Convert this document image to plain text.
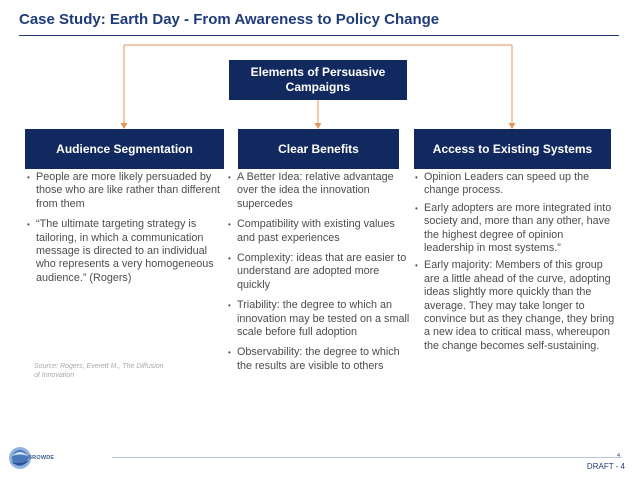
Case Study: Earth Day - From Awareness to Policy Change
Elements of Persuasive Campaigns
Audience Segmentation	Clear Benefits	Access to Existing Systems
• People are more likely persuaded by those who are like rather than different from them
• “The ultimate targeting strategy is tailoring, in which a communication message is directed to an individual who represents a very homogeneous audience.” (Rogers)
• A Better Idea: relative advantage over the idea the innovation supercedes
• Compatibility with existing values and past experiences
• Complexity: ideas that are easier to understand are adopted more quickly
• Triability: the degree to which an innovation may be tested on a small scale before full adoption
• Observability: the degree to which the results are visible to others
• Opinion Leaders can speed up the change process.
• Early adopters are more integrated into society and, more than any other, have the highest degree of opinion leadership in most systems.”
• Early majority: Members of this group are a little ahead of the curve, adopting ideas slightly more quickly than the average. They may take longer to convince but as they change, they bring a new idea to critical mass, whereupon the change becomes self-sustaining.
Source: Rogers, Everett M., The Diffusion of Innovation
BROWDE	4
DRAFT - 4
